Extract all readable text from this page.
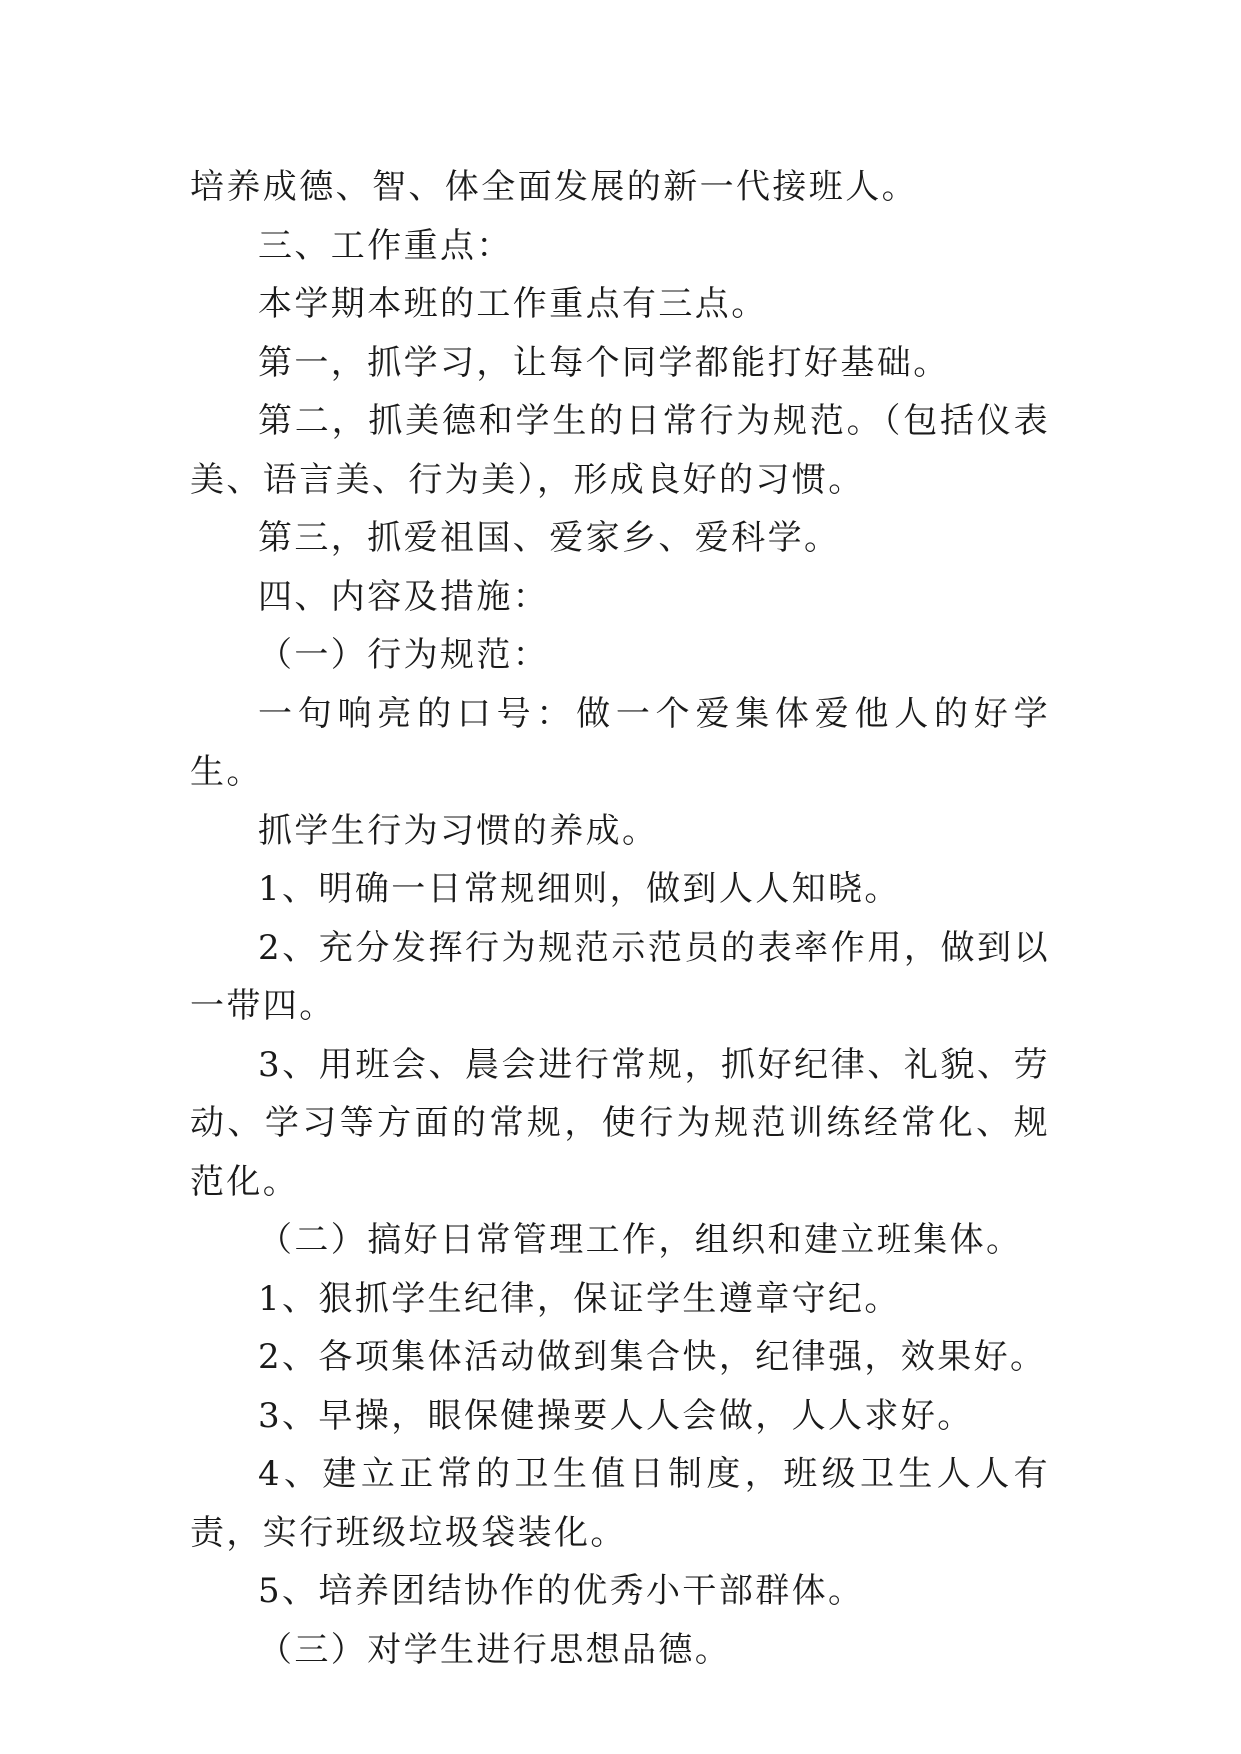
培养成德、智、体全面发展的新一代接班人。

三、工作重点：

本学期本班的工作重点有三点。

第一，抓学习，让每个同学都能打好基础。

第二，抓美德和学生的日常行为规范。（包括仪表美、语言美、行为美），形成良好的习惯。

第三，抓爱祖国、爱家乡、爱科学。

四、内容及措施：

（一）行为规范：

一句响亮的口号：做一个爱集体爱他人的好学生。

抓学生行为习惯的养成。

1、明确一日常规细则，做到人人知晓。

2、充分发挥行为规范示范员的表率作用，做到以一带四。

3、用班会、晨会进行常规，抓好纪律、礼貌、劳动、学习等方面的常规，使行为规范训练经常化、规范化。

（二）搞好日常管理工作，组织和建立班集体。

1、狠抓学生纪律，保证学生遵章守纪。

2、各项集体活动做到集合快，纪律强，效果好。

3、早操，眼保健操要人人会做，人人求好。

4、建立正常的卫生值日制度，班级卫生人人有责，实行班级垃圾袋装化。

5、培养团结协作的优秀小干部群体。

（三）对学生进行思想品德。
